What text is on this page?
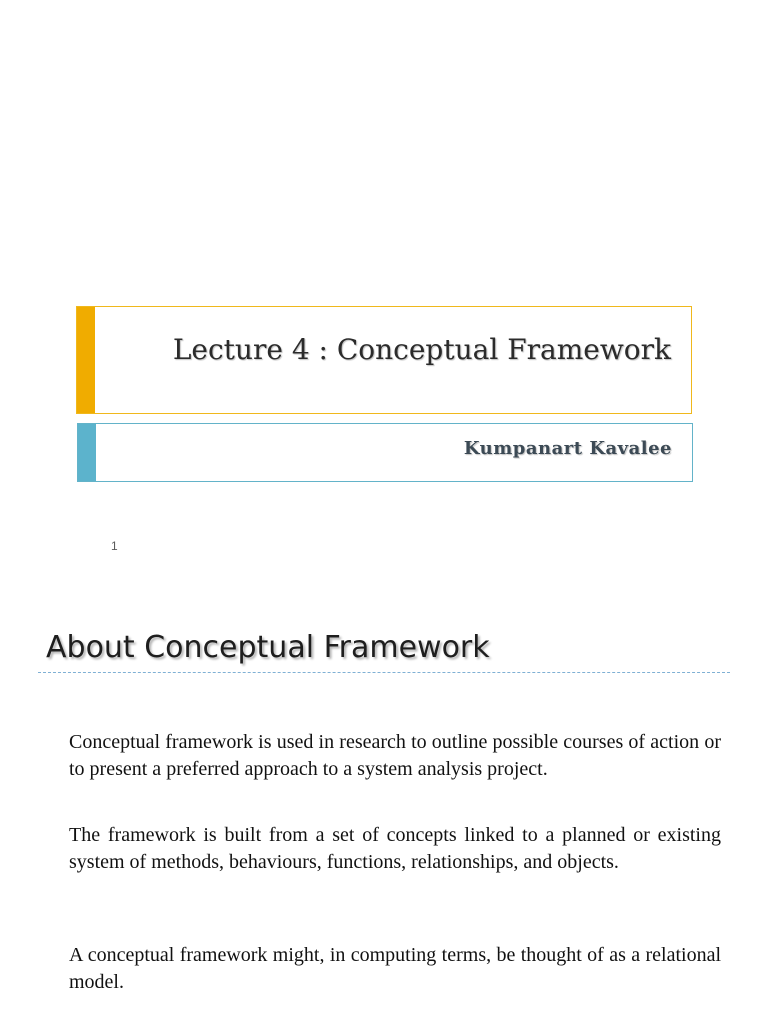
Lecture 4 : Conceptual Framework
Kumpanart Kavalee
1
About Conceptual Framework

Conceptual framework is used in research to outline possible courses of action or to present a preferred approach to a system analysis project.

The framework is built from a set of concepts linked to a planned or existing system of methods, behaviours, functions, relationships, and objects.

A conceptual framework might, in computing terms, be thought of as a relational model.
